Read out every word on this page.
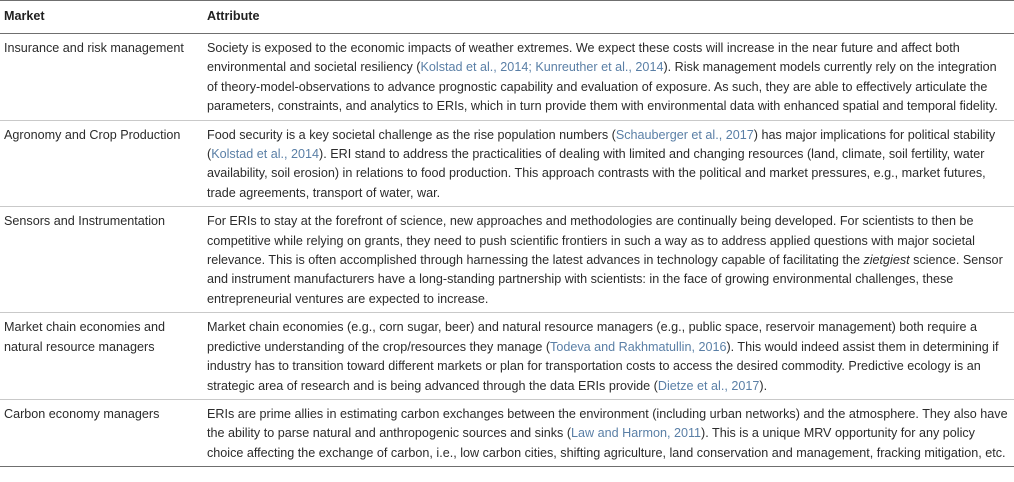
Market	Attribute
Insurance and risk management	Society is exposed to the economic impacts of weather extremes. We expect these costs will increase in the near future and affect both environmental and societal resiliency (Kolstad et al., 2014; Kunreuther et al., 2014). Risk management models currently rely on the integration of theory-model-observations to advance prognostic capability and evaluation of exposure. As such, they are able to effectively articulate the parameters, constraints, and analytics to ERIs, which in turn provide them with environmental data with enhanced spatial and temporal fidelity.
Agronomy and Crop Production	Food security is a key societal challenge as the rise population numbers (Schauberger et al., 2017) has major implications for political stability (Kolstad et al., 2014). ERI stand to address the practicalities of dealing with limited and changing resources (land, climate, soil fertility, water availability, soil erosion) in relations to food production. This approach contrasts with the political and market pressures, e.g., market futures, trade agreements, transport of water, war.
Sensors and Instrumentation	For ERIs to stay at the forefront of science, new approaches and methodologies are continually being developed. For scientists to then be competitive while relying on grants, they need to push scientific frontiers in such a way as to address applied questions with major societal relevance. This is often accomplished through harnessing the latest advances in technology capable of facilitating the zietgiest science. Sensor and instrument manufacturers have a long-standing partnership with scientists: in the face of growing environmental challenges, these entrepreneurial ventures are expected to increase.
Market chain economies and natural resource managers	Market chain economies (e.g., corn sugar, beer) and natural resource managers (e.g., public space, reservoir management) both require a predictive understanding of the crop/resources they manage (Todeva and Rakhmatullin, 2016). This would indeed assist them in determining if industry has to transition toward different markets or plan for transportation costs to access the desired commodity. Predictive ecology is an strategic area of research and is being advanced through the data ERIs provide (Dietze et al., 2017).
Carbon economy managers	ERIs are prime allies in estimating carbon exchanges between the environment (including urban networks) and the atmosphere. They also have the ability to parse natural and anthropogenic sources and sinks (Law and Harmon, 2011). This is a unique MRV opportunity for any policy choice affecting the exchange of carbon, i.e., low carbon cities, shifting agriculture, land conservation and management, fracking mitigation, etc.
